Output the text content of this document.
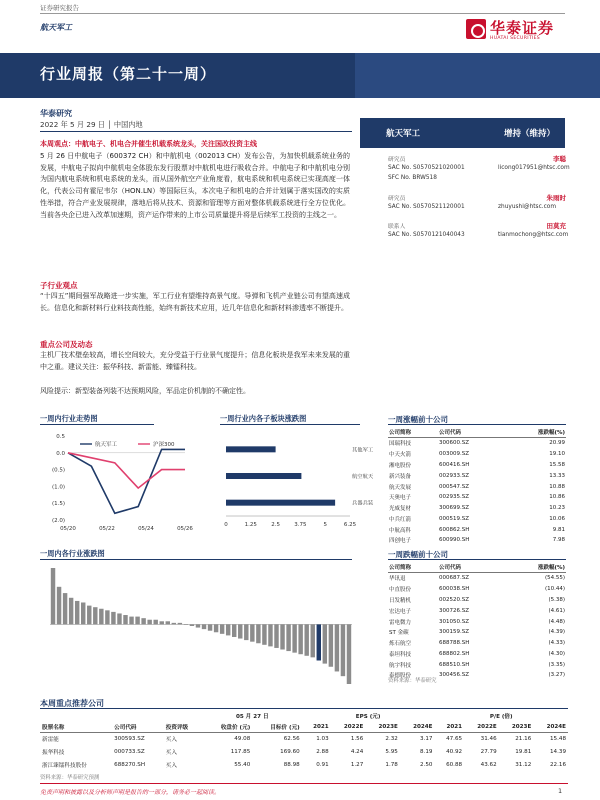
证券研究报告
航天军工	华泰证券
HUATAI SECURITIES
行业周报（第二十一周）
华泰研究
2022 年 5 月 29 日 │ 中国内地
本周观点：中航电子、机电合并催生机载系统龙头，关注国改投资主线
5 月 26 日中航电子（600372 CH）和中航机电（002013 CH）发布公告，为加快机载系统业务的发展，中航电子拟向中航机电全体股东发行股票对中航机电进行吸收合并。中航电子和中航机电分别为国内航电系统和机电系统的龙头，而从国外航空产业角度看，航电系统和机电系统已实现高度一体化，代表公司有霍尼韦尔（HON.LN）等国际巨头，本次电子和机电的合并计划属于落实国改的实质性举措，符合产业发展规律，落地后将从技术、资源和管理等方面对整体机载系统进行全方位优化。当前各央企已进入改革加速期，资产运作带来的上市公司质量提升将是后续军工投资的主线之一。
子行业观点
“十四五”期间强军战略进一步实施，军工行业有望维持高景气度。导弹和飞机产业链公司有望高速成长。信息化和新材料行业料技高性能，始终有新技术应用，近几年信息化和新材料渗透率不断提升。
重点公司及动态
主机厂技术壁垒较高，增长空间较大，充分受益于行业景气度提升；信息化板块是我军未来发展的重中之重。建议关注：振华科技、新雷能、臻镭科技。
风险提示：新型装备列装不达预期风险，军品定价机制的不确定性。
航天军工	增持（维持）
研究员	李聪
SAC No. S0570521020001	licong017951@htsc.com
SFC No. BRW518
研究员	朱雨时
SAC No. S0570521120001	zhuyushi@htsc.com
联系人	田莫充
SAC No. S0570121040043	tianmochong@htsc.com
一周内行业走势图
0.5
0.0
(0.5)
(1.0)
(1.5)
(2.0)
05/20	05/22	05/24	05/26
航天军工	沪深300
一周行业内各子板块涨跌图
其他军工
航空航天
兵器兵装
0	1.25	2.5	3.75	5	6.25
一周内各行业涨跌图
一周涨幅前十公司
公司简称	公司代码	涨跌幅(%)
国瑞科技	300600.SZ	20.99
中天火箭	003009.SZ	19.10
湘电股份	600416.SH	15.58
新兴装备	002933.SZ	13.33
航天发展	000547.SZ	10.88
天奥电子	002935.SZ	10.86
光威复材	300699.SZ	10.23
中兵红箭	000519.SZ	10.06
中航高科	600862.SH	9.81
四创电子	600990.SH	7.98
一周跌幅前十公司
公司简称	公司代码	涨跌幅(%)
华讯退	000687.SZ	(54.55)
中直股份	600038.SH	(10.44)
日发精机	002520.SZ	(5.38)
宏达电子	300726.SZ	(4.61)
雷电微力	301050.SZ	(4.48)
ST 金碳	300159.SZ	(4.39)
炼石航空	688788.SH	(4.33)
泰坦科技	688802.SH	(4.30)
航宇科技	688510.SH	(3.35)
泰德股份	300456.SZ	(3.27)
资料来源：华泰研究
本周重点推荐公司
			05 月 27 日		EPS (元)				P/E (倍)			
股票名称	公司代码	投资评级	收盘价 (元)	目标价 (元)	2021	2022E	2023E	2024E	2021	2022E	2023E	2024E
新雷能	300593.SZ	买入	49.08	62.56	1.03	1.56	2.32	3.17	47.65	31.46	21.16	15.48
振华科技	000733.SZ	买入	117.85	169.60	2.88	4.24	5.95	8.19	40.92	27.79	19.81	14.39
浙江臻镭科技股份	688270.SH	买入	55.40	88.98	0.91	1.27	1.78	2.50	60.88	43.62	31.12	22.16
资料来源：华泰研究预测
免责声明和披露以及分析师声明是报告的一部分，请务必一起阅读。	1
